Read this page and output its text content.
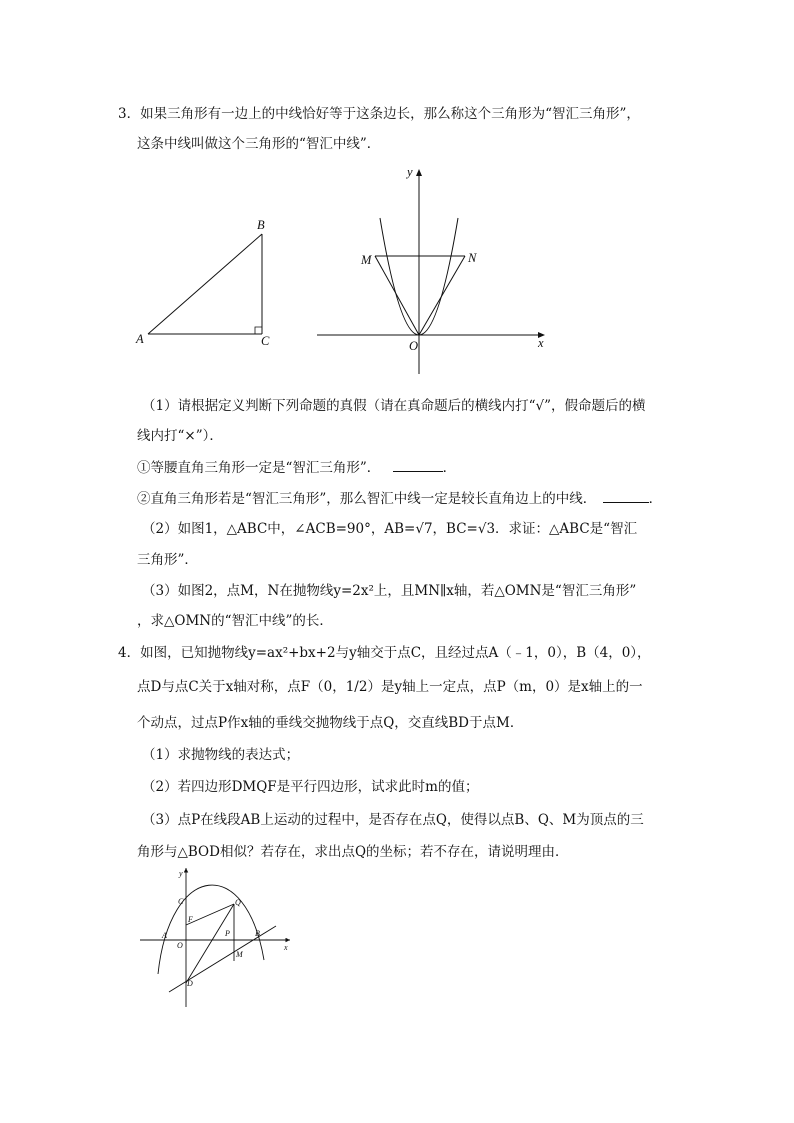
3．如果三角形有一边上的中线恰好等于这条边长，那么称这个三角形为“智汇三角形”，
这条中线叫做这个三角形的“智汇中线”．
A
B
C
y
x
O
M	N
（1）请根据定义判断下列命题的真假（请在真命题后的横线内打“√”，假命题后的横
线内打“×”）．
①等腰直角三角形一定是“智汇三角形”．	．
②直角三角形若是“智汇三角形”，那么智汇中线一定是较长直角边上的中线．	．
（2）如图1，△ABC中，∠ACB=90°，AB=√7，BC=√3．求证：△ABC是“智汇
三角形”．
（3）如图2，点M，N在抛物线y=2x²上，且MN∥x轴，若△OMN是“智汇三角形”
，求△OMN的“智汇中线”的长．
4．如图，已知抛物线y=ax²+bx+2与y轴交于点C，且经过点A（﹣1，0），B（4，0），
点D与点C关于x轴对称，点F（0，1/2）是y轴上一定点，点P（m，0）是x轴上的一
个动点，过点P作x轴的垂线交抛物线于点Q，交直线BD于点M．
（1）求抛物线的表达式；
（2）若四边形DMQF是平行四边形，试求此时m的值；
（3）点P在线段AB上运动的过程中，是否存在点Q，使得以点B、Q、M为顶点的三
角形与△BOD相似？若存在，求出点Q的坐标；若不存在，请说明理由．
y
x
C
F
A
O
Q
P	B
M
D
